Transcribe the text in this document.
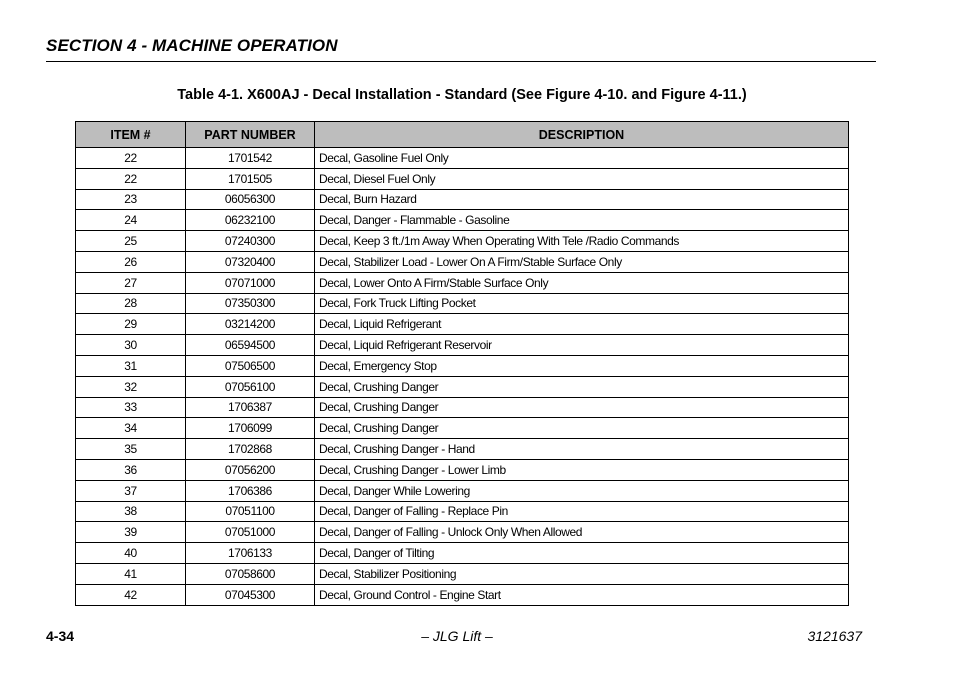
SECTION 4 - MACHINE OPERATION
Table 4-1. X600AJ - Decal Installation - Standard (See Figure 4-10. and Figure 4-11.)
ITEM #	PART NUMBER	DESCRIPTION
22	1701542	Decal, Gasoline Fuel Only
22	1701505	Decal, Diesel Fuel Only
23	06056300	Decal, Burn Hazard
24	06232100	Decal, Danger - Flammable - Gasoline
25	07240300	Decal, Keep 3 ft./1m Away When Operating With Tele /Radio Commands
26	07320400	Decal, Stabilizer Load - Lower On A Firm/Stable Surface Only
27	07071000	Decal, Lower Onto A Firm/Stable Surface Only
28	07350300	Decal, Fork Truck Lifting Pocket
29	03214200	Decal, Liquid Refrigerant
30	06594500	Decal, Liquid Refrigerant Reservoir
31	07506500	Decal, Emergency Stop
32	07056100	Decal, Crushing Danger
33	1706387	Decal, Crushing Danger
34	1706099	Decal, Crushing Danger
35	1702868	Decal, Crushing Danger - Hand
36	07056200	Decal, Crushing Danger - Lower Limb
37	1706386	Decal, Danger While Lowering
38	07051100	Decal, Danger of Falling - Replace Pin
39	07051000	Decal, Danger of Falling - Unlock Only When Allowed
40	1706133	Decal, Danger of Tilting
41	07058600	Decal, Stabilizer Positioning
42	07045300	Decal, Ground Control - Engine Start
4-34	– JLG Lift –	3121637
